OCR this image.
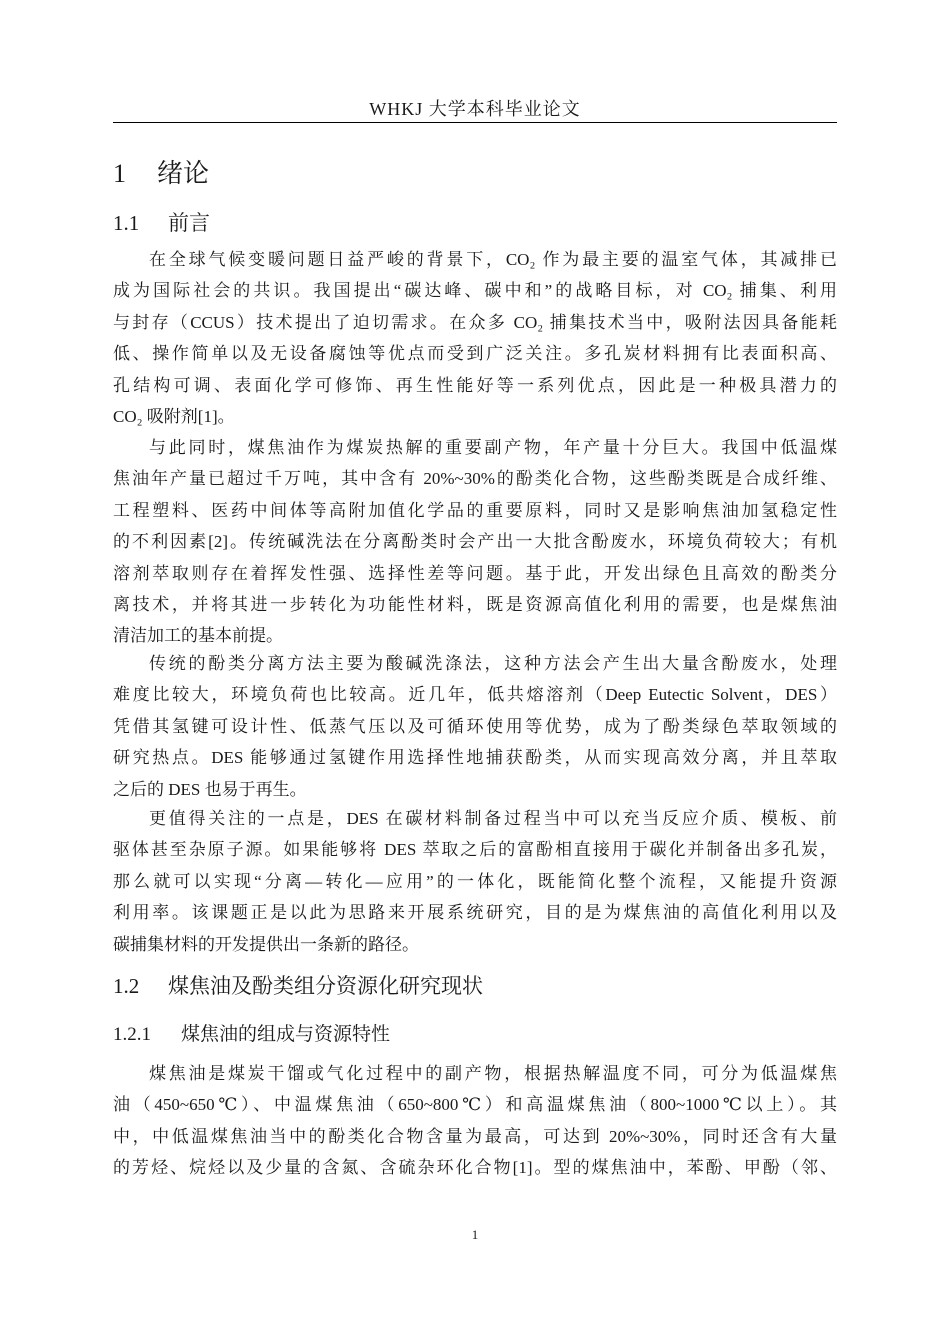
WHKJ 大学本科毕业论文
1 绪论
1.1 前言
在全球气候变暖问题日益严峻的背景下，CO₂ 作为最主要的温室气体，其减排已
成为国际社会的共识。我国提出“碳达峰、碳中和”的战略目标，对 CO₂ 捕集、利用
与封存（CCUS）技术提出了迫切需求。在众多 CO₂ 捕集技术当中，吸附法因具备能耗
低、操作简单以及无设备腐蚀等优点而受到广泛关注。多孔炭材料拥有比表面积高、
孔结构可调、表面化学可修饰、再生性能好等一系列优点，因此是一种极具潜力的
CO₂ 吸附剂[1]。
与此同时，煤焦油作为煤炭热解的重要副产物，年产量十分巨大。我国中低温煤
焦油年产量已超过千万吨，其中含有 20%~30%的酚类化合物，这些酚类既是合成纤维、
工程塑料、医药中间体等高附加值化学品的重要原料，同时又是影响焦油加氢稳定性
的不利因素[2]。传统碱洗法在分离酚类时会产出一大批含酚废水，环境负荷较大；有机
溶剂萃取则存在着挥发性强、选择性差等问题。基于此，开发出绿色且高效的酚类分
离技术，并将其进一步转化为功能性材料，既是资源高值化利用的需要，也是煤焦油
清洁加工的基本前提。
传统的酚类分离方法主要为酸碱洗涤法，这种方法会产生出大量含酚废水，处理
难度比较大，环境负荷也比较高。近几年，低共熔溶剂（Deep Eutectic Solvent，DES）
凭借其氢键可设计性、低蒸气压以及可循环使用等优势，成为了酚类绿色萃取领域的
研究热点。DES 能够通过氢键作用选择性地捕获酚类，从而实现高效分离，并且萃取
之后的 DES 也易于再生。
更值得关注的一点是，DES 在碳材料制备过程当中可以充当反应介质、模板、前
驱体甚至杂原子源。如果能够将 DES 萃取之后的富酚相直接用于碳化并制备出多孔炭，
那么就可以实现“分离—转化—应用”的一体化，既能简化整个流程，又能提升资源
利用率。该课题正是以此为思路来开展系统研究，目的是为煤焦油的高值化利用以及
碳捕集材料的开发提供出一条新的路径。
1.2 煤焦油及酚类组分资源化研究现状
1.2.1 煤焦油的组成与资源特性
煤焦油是煤炭干馏或气化过程中的副产物，根据热解温度不同，可分为低温煤焦
油（450~650℃）、中温煤焦油（650~800℃）和高温煤焦油（800~1000℃以上）。其
中，中低温煤焦油当中的酚类化合物含量为最高，可达到 20%~30%，同时还含有大量
的芳烃、烷烃以及少量的含氮、含硫杂环化合物[1]。型的煤焦油中，苯酚、甲酚（邻、
1
